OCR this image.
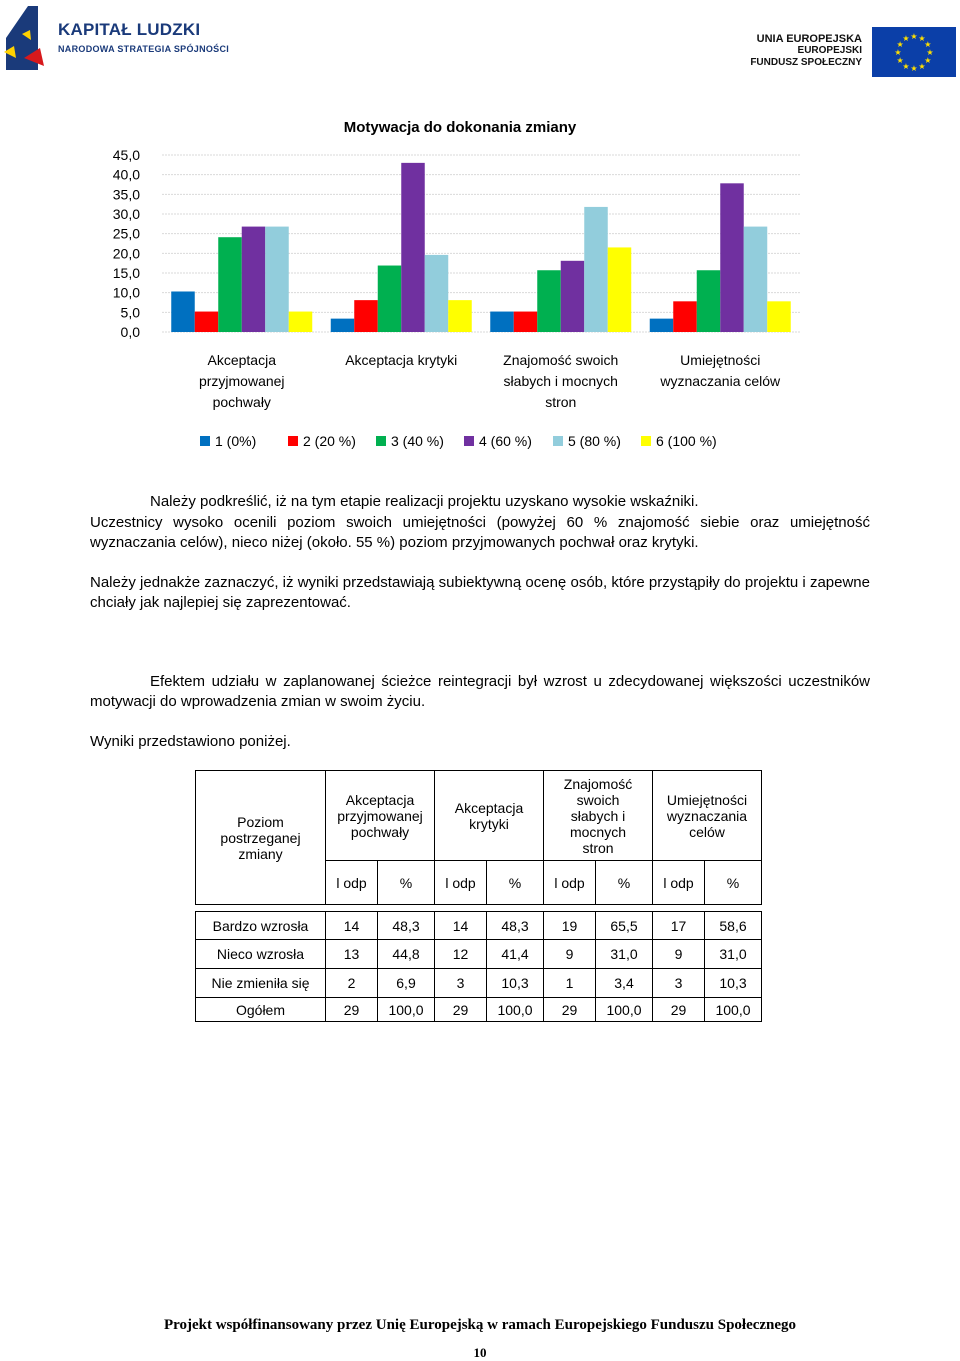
KAPITAŁ LUDZKI
NARODOWA STRATEGIA SPÓJNOŚCI
UNIA EUROPEJSKA
EUROPEJSKI
FUNDUSZ SPOŁECZNY
★ ★
★
★
★
★
★
★
★
★
★
★
Motywacja do dokonania zmiany
45,0
40,0
35,0
30,0
25,0
20,0
15,0
10,0
5,0
0,0
Akceptacja przyjmowanej pochwały
Akceptacja krytyki	Znajomość swoich słabych i mocnych stron
Umiejętności wyznaczania celów
1 (0%)	2 (20 %)	3 (40 %)	4 (60 %)	5 (80 %)	6 (100 %)
Należy podkreślić, iż na tym etapie realizacji projektu uzyskano wysokie wskaźniki.
Uczestnicy wysoko ocenili poziom swoich umiejętności (powyżej 60 % znajomość siebie oraz umiejętność wyznaczania celów), nieco niżej (około. 55 %) poziom przyjmowanych pochwał oraz krytyki.
Należy jednakże zaznaczyć, iż wyniki przedstawiają subiektywną ocenę osób, które przystąpiły do projektu i zapewne chciały jak najlepiej się zaprezentować.
Efektem udziału w zaplanowanej ścieżce reintegracji był wzrost u zdecydowanej większości uczestników motywacji do wprowadzenia zmian w swoim życiu.
Wyniki przedstawiono poniżej.
Poziom postrzeganej zmiany	Akceptacja przyjmowanej pochwały		Akceptacja krytyki		Znajomość swoich słabych i mocnych stron		Umiejętności wyznaczania celów	
	l odp	%	l odp	%	l odp	%	l odp	%

Bardzo wzrosła	14	48,3	14	48,3	19	65,5	17	58,6
Nieco wzrosła	13	44,8	12	41,4	9	31,0	9	31,0
Nie zmieniła się	2	6,9	3	10,3	1	3,4	3	10,3
Ogółem	29	100,0	29	100,0	29	100,0	29	100,0
Projekt współfinansowany przez Unię Europejską w ramach Europejskiego Funduszu Społecznego
10
